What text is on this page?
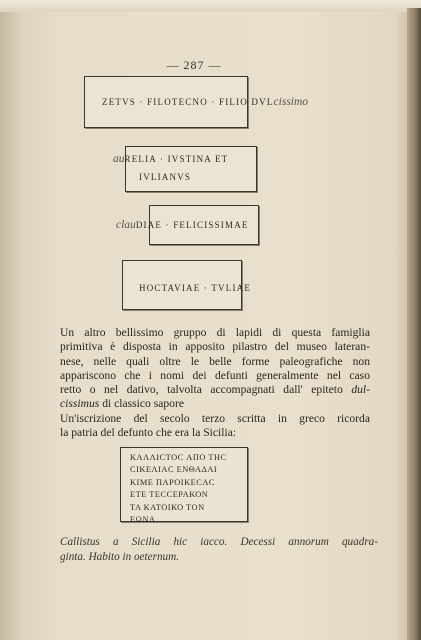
— 287 —
ZETVS · FILOTECNO · FILIO DVLcissimo
auRELIA · IVSTINA ET
IVLIANVS
clauDIAE · FELICISSIMAE
HOCTAVIAE · TVLIAE
Un altro bellissimo gruppo di lapidi di questa famiglia
primitiva è disposta in apposito pilastro del museo lateran-
nese, nelle quali oltre le belle forme paleografiche non
appariscono che i nomi dei defunti generalmente nel caso
retto o nel dativo, talvolta accompagnati dall' epiteto dul-
cissimus di classico sapore
Un'iscrizione del secolo terzo scritta in greco ricorda
la patria del defunto che era la Sicilia:
ΚΑΛΛΙCΤΟC ΑΠΟ ΤΗC
CΙΚΕΛΙΑC ΕΝΘΑΔΑΙ
ΚΙΜΕ ΠΑΡΟΙΚΕCΑC
ΕΤΕ ΤΕCCΕΡΑΚΟΝ
ΤΑ ΚΑΤΟΙΚΟ ΤΟΝ
ΕΩΝΑ
Callistus a Sicilia hic iacco. Decessi annorum quadra-
ginta. Habito in oeternum.
